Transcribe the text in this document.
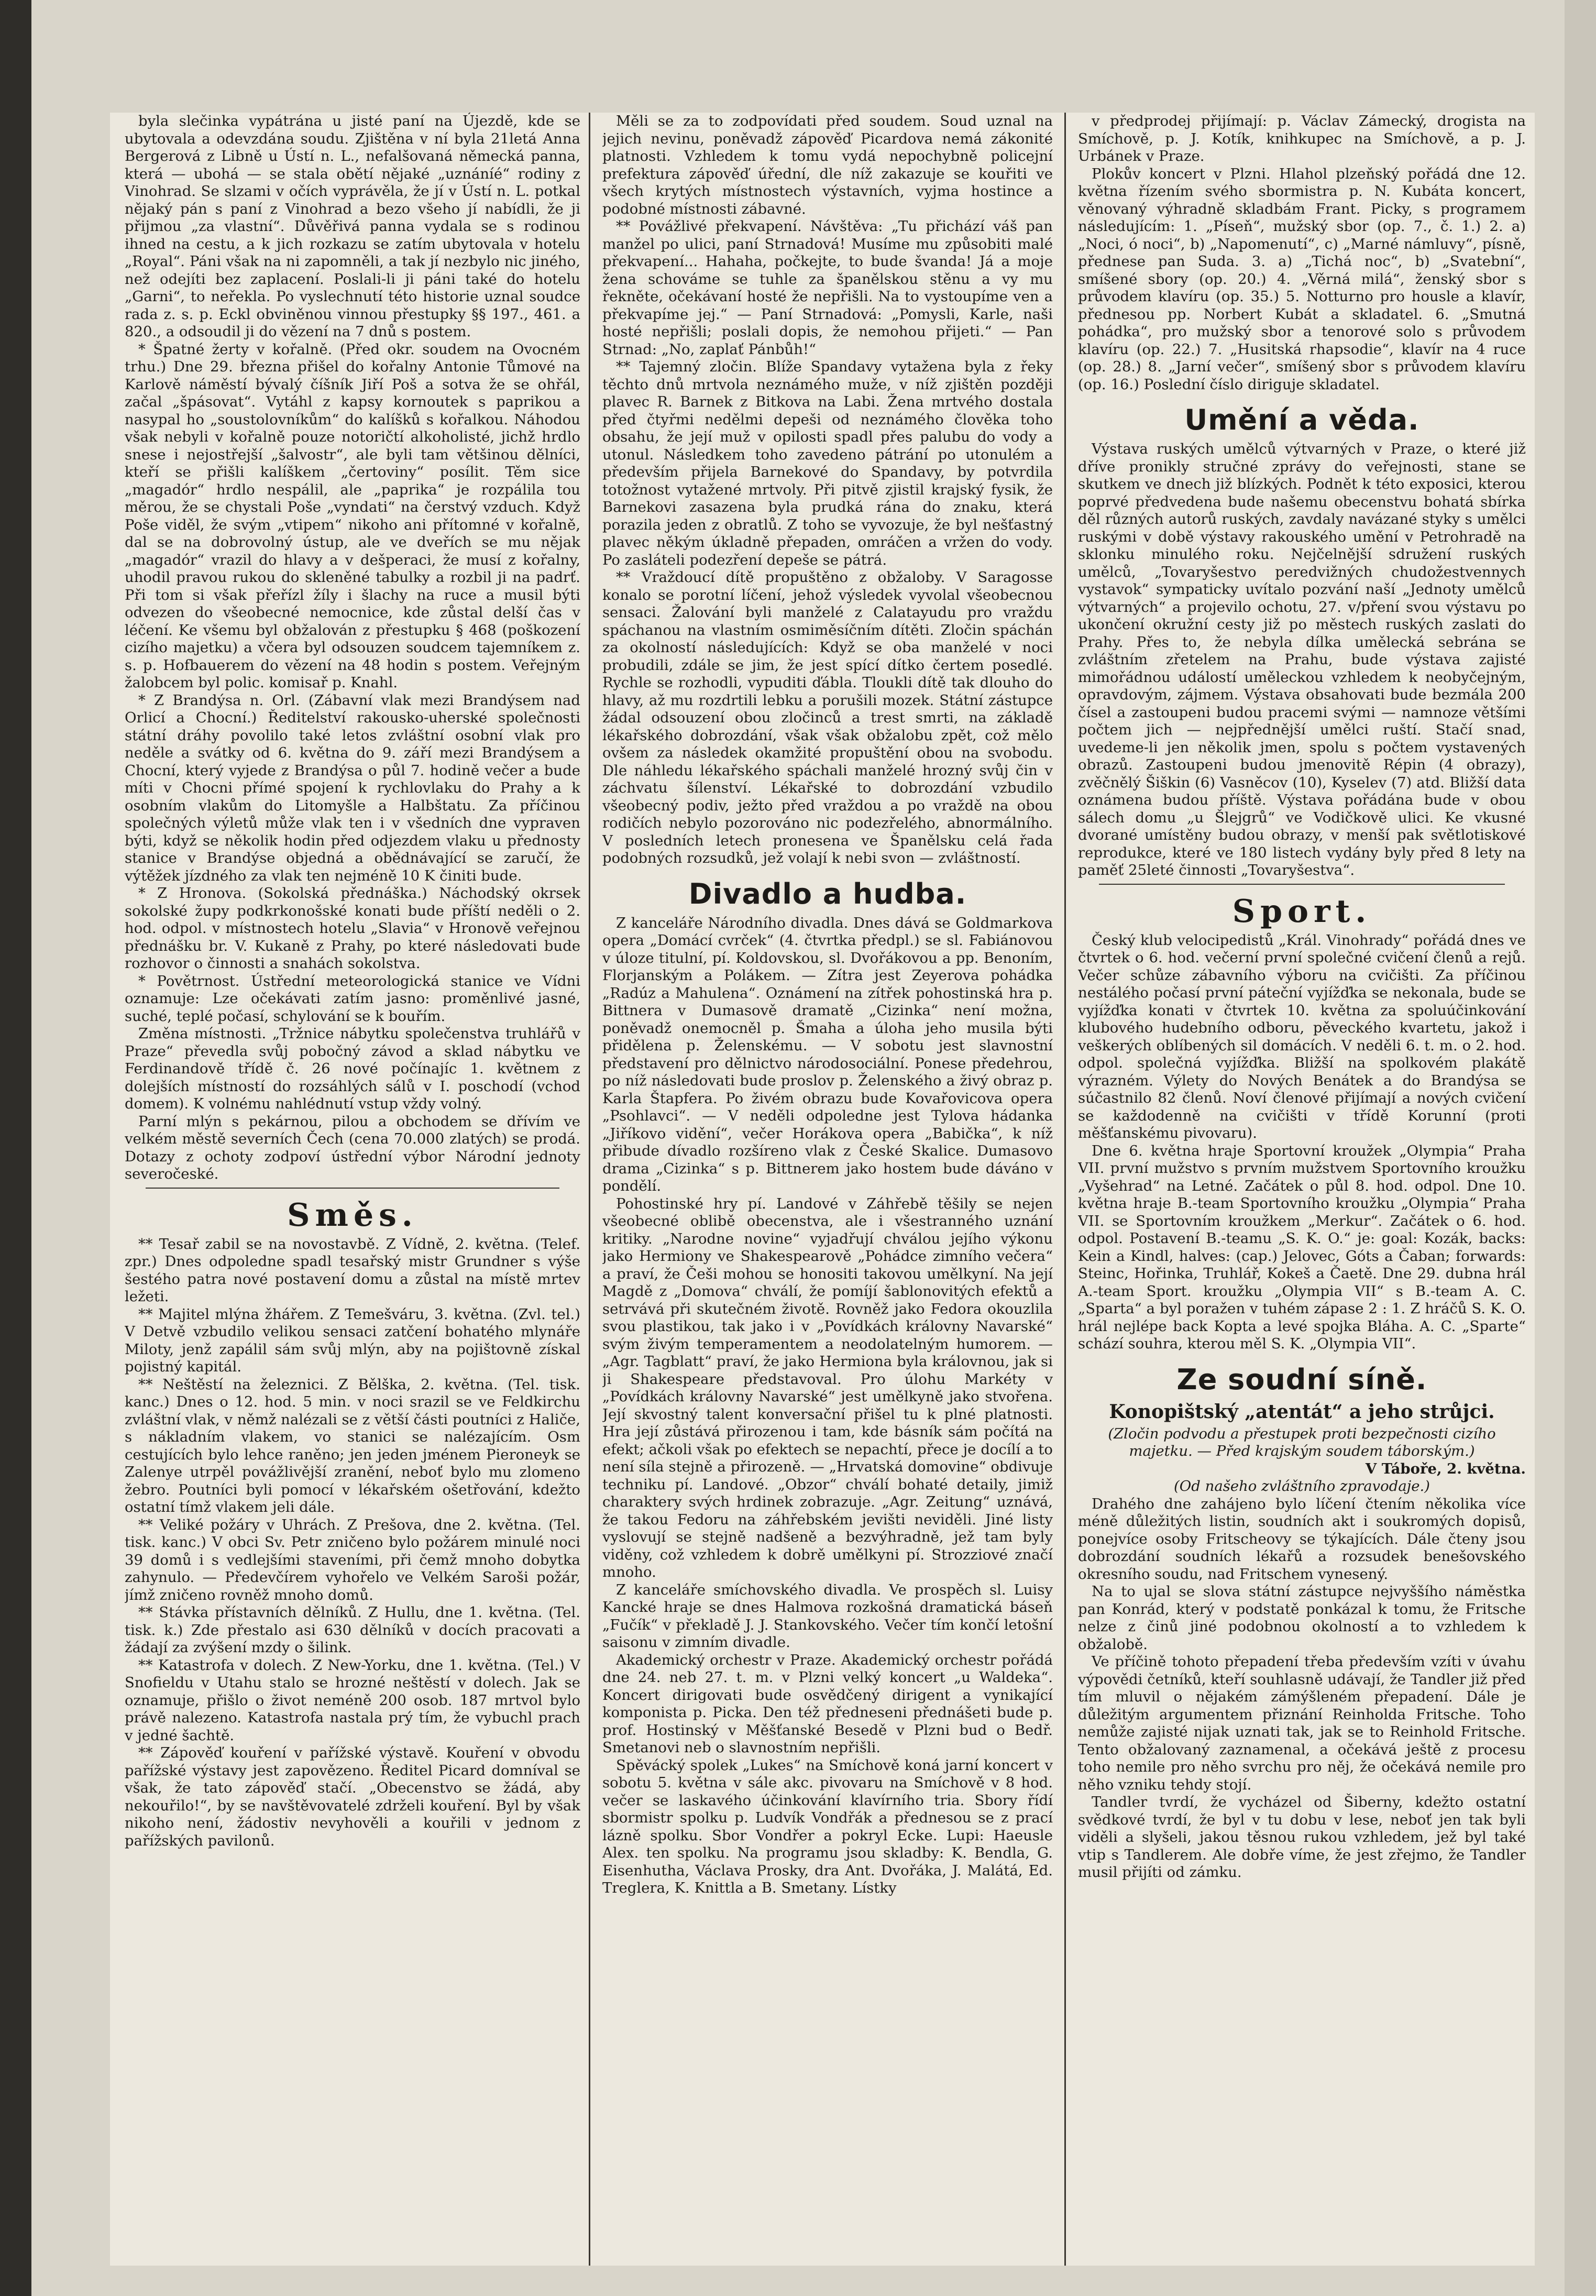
byla slečinka vypátrána u jisté paní na Újezdě, kde se ubytovala a odevzdána soudu. Zjištěna v ní byla 21letá Anna Bergerová z Libně u Ústí n. L., nefalšovaná německá panna, která — ubohá — se stala obětí nějaké „uznáníé“ rodiny z Vinohrad. Se slzami v očích vyprávěla, že jí v Ústí n. L. potkal nějaký pán s paní z Vinohrad a bezo všeho jí nabídli, že ji přijmou „za vlastní“. Důvěřivá panna vydala se s rodinou ihned na cestu, a k jich rozkazu se zatím ubytovala v hotelu „Royal“. Páni však na ni zapomněli, a tak jí nezbylo nic jiného, než odejíti bez zaplacení. Poslali-li ji páni také do hotelu „Garni“, to neřekla. Po vyslechnutí této historie uznal soudce rada z. s. p. Eckl obviněnou vinnou přestupky §§ 197., 461. a 820., a odsoudil ji do vězení na 7 dnů s postem.

* Špatné žerty v kořalně. (Před okr. soudem na Ovocném trhu.) Dne 29. března přišel do kořalny Antonie Tůmové na Karlově náměstí bývalý číšník Jiří Poš a sotva že se ohřál, začal „špásovat“. Vytáhl z kapsy kornoutek s paprikou a nasypal ho „soustolovníkům“ do kalíšků s kořalkou. Náhodou však nebyli v kořalně pouze notoričtí alkoholisté, jichž hrdlo snese i nejostřejší „šalvostr“, ale byli tam většinou dělníci, kteří se přišli kalíškem „čertoviny“ posílit. Těm sice „magadór“ hrdlo nespálil, ale „paprika“ je rozpálila tou měrou, že se chystali Poše „vyndati“ na čerstvý vzduch. Když Poše viděl, že svým „vtipem“ nikoho ani přítomné v kořalně, dal se na dobrovolný ústup, ale ve dveřích se mu nějak „magadór“ vrazil do hlavy a v dešperaci, že musí z kořalny, uhodil pravou rukou do skleněné tabulky a rozbil ji na padrť. Při tom si však přeřízl žíly i šlachy na ruce a musil býti odvezen do všeobecné nemocnice, kde zůstal delší čas v léčení. Ke všemu byl obžalován z přestupku § 468 (poškození cizího majetku) a včera byl odsouzen soudcem tajemníkem z. s. p. Hofbauerem do vězení na 48 hodin s postem. Veřejným žalobcem byl polic. komisař p. Knahl.

* Z Brandýsa n. Orl. (Zábavní vlak mezi Brandýsem nad Orlicí a Chocní.) Ředitelství rakousko-uherské společnosti státní dráhy povolilo také letos zvláštní osobní vlak pro neděle a svátky od 6. května do 9. září mezi Brandýsem a Chocní, který vyjede z Brandýsa o půl 7. hodině večer a bude míti v Chocni přímé spojení k rychlovlaku do Prahy a k osobním vlakům do Litomyšle a Halbštatu. Za příčinou společných výletů může vlak ten i v všedních dne vypraven býti, když se několik hodin před odjezdem vlaku u přednosty stanice v Brandýse objedná a obědnávající se zaručí, že výtěžek jízdného za vlak ten nejméně 10 K činiti bude.

* Z Hronova. (Sokolská přednáška.) Náchodský okrsek sokolské župy podkrkonošské konati bude příští neděli o 2. hod. odpol. v místnostech hotelu „Slavia“ v Hronově veřejnou přednášku br. V. Kukaně z Prahy, po které následovati bude rozhovor o činnosti a snahách sokolstva.

* Povětrnost. Ústřední meteorologická stanice ve Vídni oznamuje: Lze očekávati zatím jasno: proměnlivé jasné, suché, teplé počasí, schylování se k bouřím.

Změna místnosti. „Tržnice nábytku společenstva truhlářů v Praze“ převedla svůj pobočný závod a sklad nábytku ve Ferdinandově třídě č. 26 nové počínajíc 1. květnem z dolejších místností do rozsáhlých sálů v I. poschodí (vchod domem). K volnému nahlédnutí vstup vždy volný.

Parní mlýn s pekárnou, pilou a obchodem se dřívím ve velkém městě severních Čech (cena 70.000 zlatých) se prodá. Dotazy z ochoty zodpoví ústřední výbor Národní jednoty severočeské.

Směs.

** Tesař zabil se na novostavbě. Z Vídně, 2. května. (Telef. zpr.) Dnes odpoledne spadl tesařský mistr Grundner s výše šestého patra nové postavení domu a zůstal na místě mrtev ležeti.

** Majitel mlýna žhářem. Z Temešváru, 3. května. (Zvl. tel.) V Detvě vzbudilo velikou sensaci zatčení bohatého mlynáře Miloty, jenž zapálil sám svůj mlýn, aby na pojištovně získal pojistný kapitál.

** Neštěstí na železnici. Z Bělška, 2. května. (Tel. tisk. kanc.) Dnes o 12. hod. 5 min. v noci srazil se ve Feldkirchu zvláštní vlak, v němž nalézali se z větší části poutníci z Haliče, s nákladním vlakem, vo stanici se nalézajícím. Osm cestujících bylo lehce raněno; jen jeden jménem Pieroneyk se Zalenye utrpěl povážlivější zranění, neboť bylo mu zlomeno žebro. Poutníci byli pomocí v lékařském ošetřování, kdežto ostatní tímž vlakem jeli dále.

** Veliké požáry v Uhrách. Z Prešova, dne 2. května. (Tel. tisk. kanc.) V obci Sv. Petr zničeno bylo požárem minulé noci 39 domů i s vedlejšími staveními, při čemž mnoho dobytka zahynulo. — Předevčírem vyhořelo ve Velkém Saroši požár, jímž zničeno rovněž mnoho domů.

** Stávka přístavních dělníků. Z Hullu, dne 1. května. (Tel. tisk. k.) Zde přestalo asi 630 dělníků v docích pracovati a žádají za zvýšení mzdy o šilink.

** Katastrofa v dolech. Z New-Yorku, dne 1. května. (Tel.) V Snofieldu v Utahu stalo se hrozné neštěstí v dolech. Jak se oznamuje, přišlo o život neméně 200 osob. 187 mrtvol bylo právě nalezeno. Katastrofa nastala prý tím, že vybuchl prach v jedné šachtě.

** Zápověď kouření v pařížské výstavě. Kouření v obvodu pařížské výstavy jest zapovězeno. Ředitel Picard domníval se však, že tato zápověď stačí. „Obecenstvo se žádá, aby nekouřilo!“, by se navštěvovatelé zdrželi kouření. Byl by však nikoho není, žádostiv nevyhověli a kouřili v jednom z pařížských pavilonů.

Měli se za to zodpovídati před soudem. Soud uznal na jejich nevinu, poněvadž zápověď Picardova nemá zákonité platnosti. Vzhledem k tomu vydá nepochybně policejní prefektura zápověď úřední, dle níž zakazuje se kouřiti ve všech krytých místnostech výstavních, vyjma hostince a podobné místnosti zábavné.

** Povážlivé překvapení. Návštěva: „Tu přichází váš pan manžel po ulici, paní Strnadová! Musíme mu způsobiti malé překvapení... Hahaha, počkejte, to bude švanda! Já a moje žena schováme se tuhle za španělskou stěnu a vy mu řekněte, očekávaní hosté že nepřišli. Na to vystoupíme ven a překvapíme jej.“ — Paní Strnadová: „Pomysli, Karle, naši hosté nepřišli; poslali dopis, že nemohou přijeti.“ — Pan Strnad: „No, zaplať Pánbůh!“

** Tajemný zločin. Blíže Spandavy vytažena byla z řeky těchto dnů mrtvola neznámého muže, v níž zjištěn později plavec R. Barnek z Bitkova na Labi. Žena mrtvého dostala před čtyřmi nedělmi depeši od neznámého člověka toho obsahu, že její muž v opilosti spadl přes palubu do vody a utonul. Následkem toho zavedeno pátrání po utonulém a především přijela Barnekové do Spandavy, by potvrdila totožnost vytažené mrtvoly. Při pitvě zjistil krajský fysik, že Barnekovi zasazena byla prudká rána do znaku, která porazila jeden z obratlů. Z toho se vyvozuje, že byl nešťastný plavec někým úkladně přepaden, omráčen a vržen do vody. Po zasláteli podezření depeše se pátrá.

** Vraždoucí dítě propuštěno z obžaloby. V Saragosse konalo se porotní líčení, jehož výsledek vyvolal všeobecnou sensaci. Žalování byli manželé z Calatayudu pro vraždu spáchanou na vlastním osmiměsíčním dítěti. Zločin spáchán za okolností následujících: Když se oba manželé v noci probudili, zdále se jim, že jest spící dítko čertem posedlé. Rychle se rozhodli, vypuditi ďábla. Tloukli dítě tak dlouho do hlavy, až mu rozdrtili lebku a porušili mozek. Státní zástupce žádal odsouzení obou zločinců a trest smrti, na základě lékařského dobrozdání, však však obžalobu zpět, což mělo ovšem za následek okamžité propuštění obou na svobodu. Dle náhledu lékařského spáchali manželé hrozný svůj čin v záchvatu šílenství. Lékařské to dobrozdání vzbudilo všeobecný podiv, ježto před vraždou a po vraždě na obou rodičích nebylo pozorováno nic podezřelého, abnormálního. V posledních letech pronesena ve Španělsku celá řada podobných rozsudků, jež volají k nebi svon — zvláštností.

Divadlo a hudba.

Z kanceláře Národního divadla. Dnes dává se Goldmarkova opera „Domácí cvrček“ (4. čtvrtka předpl.) se sl. Fabiánovou v úloze titulní, pí. Koldovskou, sl. Dvořákovou a pp. Benoním, Florjanským a Polákem. — Zítra jest Zeyerova pohádka „Radúz a Mahulena“. Oznámení na zítřek pohostinská hra p. Bittnera v Dumasově dramatě „Cizinka“ není možna, poněvadž onemocněl p. Šmaha a úloha jeho musila býti přidělena p. Želenskému. — V sobotu jest slavnostní představení pro dělnictvo národosociální. Ponese předehrou, po níž následovati bude proslov p. Želenského a živý obraz p. Karla Štapfera. Po živém obrazu bude Kovařovicova opera „Psohlavci“. — V neděli odpoledne jest Tylova hádanka „Jiříkovo vidění“, večer Horákova opera „Babička“, k níž přibude dívadlo rozšíreno vlak z České Skalice. Dumasovo drama „Cizinka“ s p. Bittnerem jako hostem bude dáváno v pondělí.

Pohostinské hry pí. Landové v Záhřebě těšily se nejen všeobecné oblibě obecenstva, ale i všestranného uznání kritiky. „Narodne novine“ vyjadřují chválou jejího výkonu jako Hermiony ve Shakespearově „Pohádce zimního večera“ a praví, že Češi mohou se honositi takovou umělkyní. Na její Magdě z „Domova“ chválí, že pomíjí šablonovitých efektů a setrvává při skutečném životě. Rovněž jako Fedora okouzlila svou plastikou, tak jako i v „Povídkách královny Navarské“ svým živým temperamentem a neodolatelným humorem. — „Agr. Tagblatt“ praví, že jako Hermiona byla královnou, jak si ji Shakespeare představoval. Pro úlohu Markéty v „Povídkách královny Navarské“ jest umělkyně jako stvořena. Její skvostný talent konversační přišel tu k plné platnosti. Hra její zůstává přirozenou i tam, kde básník sám počítá na efekt; ačkoli však po efektech se nepachtí, přece je docílí a to není síla stejně a přirozeně. — „Hrvatská domovine“ obdivuje techniku pí. Landové. „Obzor“ chválí bohaté detaily, jimiž charaktery svých hrdinek zobrazuje. „Agr. Zeitung“ uznává, že takou Fedoru na záhřebském jevišti neviděli. Jiné listy vyslovují se stejně nadšeně a bezvýhradně, jež tam byly viděny, což vzhledem k dobrě umělkyni pí. Strozziové značí mnoho.

Z kanceláře smíchovského divadla. Ve prospěch sl. Luisy Kancké hraje se dnes Halmova rozkošná dramatická báseň „Fučík“ v překladě J. J. Stankovského. Večer tím končí letošní saisonu v zimním divadle.

Akademický orchestr v Praze. Akademický orchestr pořádá dne 24. neb 27. t. m. v Plzni velký koncert „u Waldeka“. Koncert dirigovati bude osvědčený dirigent a vynikající komponista p. Picka. Den též předneseni přednášeti bude p. prof. Hostinský v Měšťanské Besedě v Plzni bud o Bedř. Smetanovi neb o slavnostním nepřišli.

Spěvácký spolek „Lukes“ na Smíchově koná jarní koncert v sobotu 5. května v sále akc. pivovaru na Smíchově v 8 hod. večer se laskavého účinkování klavírního tria. Sbory řídí sbormistr spolku p. Ludvík Vondřák a přednesou se z prací lázně spolku. Sbor Vondřer a pokryl Ecke. Lupi: Haeusle Alex. ten spolku. Na programu jsou skladby: K. Bendla, G. Eisenhutha, Václava Prosky, dra Ant. Dvořáka, J. Malátá, Ed. Treglera, K. Knittla a B. Smetany. Lístky

v předprodej přijímají: p. Václav Zámecký, drogista na Smíchově, p. J. Kotík, knihkupec na Smíchově, a p. J. Urbánek v Praze.

Plokův koncert v Plzni. Hlahol plzeňský pořádá dne 12. května řízením svého sbormistra p. N. Kubáta koncert, věnovaný výhradně skladbám Frant. Picky, s programem následujícím: 1. „Píseň“, mužský sbor (op. 7., č. 1.) 2. a) „Noci, ó noci“, b) „Napomenutí“, c) „Marné námluvy“, písně, přednese pan Suda. 3. a) „Tichá noc“, b) „Svatební“, smíšené sbory (op. 20.) 4. „Věrná milá“, ženský sbor s průvodem klavíru (op. 35.) 5. Notturno pro housle a klavír, přednesou pp. Norbert Kubát a skladatel. 6. „Smutná pohádka“, pro mužský sbor a tenorové solo s průvodem klavíru (op. 22.) 7. „Husitská rhapsodie“, klavír na 4 ruce (op. 28.) 8. „Jarní večer“, smíšený sbor s průvodem klavíru (op. 16.) Poslední číslo diriguje skladatel.

Umění a věda.

Výstava ruských umělců výtvarných v Praze, o které již dříve pronikly stručné zprávy do veřejnosti, stane se skutkem ve dnech již blízkých. Podnět k této exposici, kterou poprvé předvedena bude našemu obecenstvu bohatá sbírka děl různých autorů ruských, zavdaly navázané styky s umělci ruskými v době výstavy rakouského umění v Petrohradě na sklonku minulého roku. Nejčelnější sdružení ruských umělců, „Tovaryšestvo peredvižných chudožestvennych vystavok“ sympaticky uvítalo pozvání naší „Jednoty umělců výtvarných“ a projevilo ochotu, 27. v/pření svou výstavu po ukončení okružní cesty již po městech ruských zaslati do Prahy. Přes to, že nebyla dílka umělecká sebrána se zvláštním zřetelem na Prahu, bude výstava zajisté mimořádnou událostí uměleckou vzhledem k neobyčejným, opravdovým, zájmem. Výstava obsahovati bude bezmála 200 čísel a zastoupeni budou pracemi svými — namnoze většími počtem jich — nejpřednější umělci ruští. Stačí snad, uvedeme-li jen několik jmen, spolu s počtem vystavených obrazů. Zastoupeni budou jmenovitě Répin (4 obrazy), zvěčnělý Šiškin (6) Vasněcov (10), Kyselev (7) atd. Bližší data oznámena budou příště. Výstava pořádána bude v obou sálech domu „u Šlejgrů“ ve Vodičkově ulici. Ke vkusné dvorané umístěny budou obrazy, v menší pak světlotiskové reprodukce, které ve 180 listech vydány byly před 8 lety na paměť 25leté činnosti „Tovaryšestva“.

Sport.

Český klub velocipedistů „Král. Vinohrady“ pořádá dnes ve čtvrtek o 6. hod. večerní první společné cvičení členů a rejů. Večer schůze zábavního výboru na cvičišti. Za příčinou nestálého počasí první páteční vyjížďka se nekonala, bude se vyjížďka konati v čtvrtek 10. května za spoluúčinkování klubového hudebního odboru, pěveckého kvartetu, jakož i veškerých oblíbených sil domácích. V neděli 6. t. m. o 2. hod. odpol. společná vyjížďka. Bližší na spolkovém plakátě výrazném. Výlety do Nových Benátek a do Brandýsa se súčastnilo 82 členů. Noví členové přijímají a nových cvičení se každodenně na cvičišti v třídě Korunní (proti měšťanskému pivovaru).

Dne 6. května hraje Sportovní kroužek „Olympia“ Praha VII. první mužstvo s prvním mužstvem Sportovního kroužku „Vyšehrad“ na Letné. Začátek o půl 8. hod. odpol. Dne 10. května hraje B.-team Sportovního kroužku „Olympia“ Praha VII. se Sportovním kroužkem „Merkur“. Začátek o 6. hod. odpol. Postavení B.-teamu „S. K. O.“ je: goal: Kozák, backs: Kein a Kindl, halves: (cap.) Jelovec, Góts a Čaban; forwards: Steinc, Hořinka, Truhlář, Kokeš a Čaetě. Dne 29. dubna hrál A.-team Sport. kroužku „Olympia VII“ s B.-team A. C. „Sparta“ a byl poražen v tuhém zápase 2 : 1. Z hráčů S. K. O. hrál nejlépe back Kopta a levé spojka Bláha. A. C. „Sparte“ schází souhra, kterou měl S. K. „Olympia VII“.

Ze soudní síně.

Konopištský „atentát“ a jeho strůjci.

(Zločin podvodu a přestupek proti bezpečnosti cizího majetku. — Před krajským soudem táborským.)

V Táboře, 2. května.

(Od našeho zvláštního zpravodaje.)

Drahého dne zahájeno bylo líčení čtením několika více méně důležitých listin, soudních akt i soukromých dopisů, ponejvíce osoby Fritscheovy se týkajících. Dále čteny jsou dobrozdání soudních lékařů a rozsudek benešovského okresního soudu, nad Fritschem vynesený.

Na to ujal se slova státní zástupce nejvyššího náměstka pan Konrád, který v podstatě ponkázal k tomu, že Fritsche nelze z činů jiné podobnou okolností a to vzhledem k obžalobě.

Ve příčině tohoto přepadení třeba především vzíti v úvahu výpovědi četníků, kteří souhlasně udávají, že Tandler již před tím mluvil o nějakém zámýšleném přepadení. Dále je důležitým argumentem přiznání Reinholda Fritsche. Toho nemůže zajisté nijak uznati tak, jak se to Reinhold Fritsche. Tento obžalovaný zaznamenal, a očekává ještě z procesu toho nemile pro něho svrchu pro něj, že očekává nemile pro něho vzniku tehdy stojí.

Tandler tvrdí, že vycházel od Šiberny, kdežto ostatní svědkové tvrdí, že byl v tu dobu v lese, neboť jen tak byli viděli a slyšeli, jakou těsnou rukou vzhledem, jež byl také vtip s Tandlerem. Ale dobře víme, že jest zřejmo, že Tandler musil přijíti od zámku.
